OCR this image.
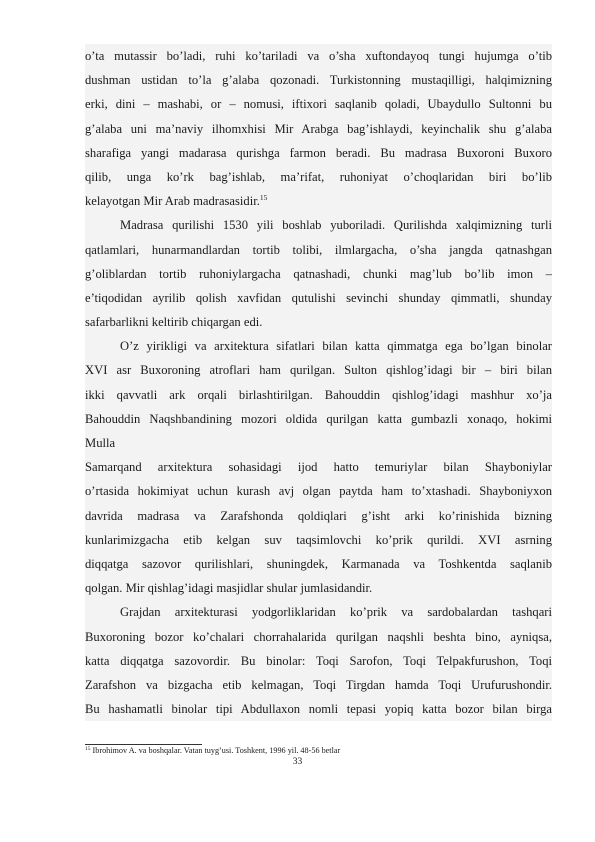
o’ta mutassir bo’ladi, ruhi ko’tariladi va o’sha xuftondayoq tungi hujumga o’tib
dushman ustidan to’la g’alaba qozonadi. Turkistonning mustaqilligi, halqimizning
erki, dini – mashabi, or – nomusi, iftixori saqlanib qoladi, Ubaydullo Sultonni bu
g’alaba uni ma’naviy ilhomxhisi Mir Arabga bag’ishlaydi, keyinchalik shu g’alaba
sharafiga yangi madarasa qurishga farmon beradi. Bu madrasa Buxoroni Buxoro
qilib, unga ko’rk bag’ishlab, ma’rifat, ruhoniyat o’choqlaridan biri bo’lib
kelayotgan Mir Arab madrasasidir.$^{15}$
Madrasa qurilishi 1530 yili boshlab yuboriladi. Qurilishda xalqimizning turli
qatlamlari, hunarmandlardan tortib tolibi, ilmlargacha, o’sha jangda qatnashgan
g’oliblardan tortib ruhoniylargacha qatnashadi, chunki mag’lub bo’lib imon –
e’tiqodidan ayrilib qolish xavfidan qutulishi sevinchi shunday qimmatli, shunday
safarbarlikni keltirib chiqargan edi.
O’z yirikligi va arxitektura sifatlari bilan katta qimmatga ega bo’lgan binolar
XVI asr Buxoroning atroflari ham qurilgan. Sulton qishlog’idagi bir – biri bilan
ikki qavvatli ark orqali birlashtirilgan. Bahouddin qishlog’idagi mashhur xo’ja
Bahouddin Naqshbandining mozori oldida qurilgan katta gumbazli xonaqo, hokimi
Mulla
Samarqand arxitektura sohasidagi ijod hatto temuriylar bilan Shayboniylar
o’rtasida hokimiyat uchun kurash avj olgan paytda ham to’xtashadi. Shayboniyxon
davrida madrasa va Zarafshonda qoldiqlari g’isht arki ko’rinishida bizning
kunlarimizgacha etib kelgan suv taqsimlovchi ko’prik qurildi. XVI asrning
diqqatga sazovor qurilishlari, shuningdek, Karmanada va Toshkentda saqlanib
qolgan. Mir qishlag’idagi masjidlar shular jumlasidandir.
Grajdan arxitekturasi yodgorliklaridan ko’prik va sardobalardan tashqari
Buxoroning bozor ko’chalari chorrahalarida qurilgan naqshli beshta bino, ayniqsa,
katta diqqatga sazovordir. Bu binolar: Toqi Sarofon, Toqi Telpakfurushon, Toqi
Zarafshon va bizgacha etib kelmagan, Toqi Tirgdan hamda Toqi Urufurushondir.
Bu hashamatli binolar tipi Abdullaxon nomli tepasi yopiq katta bozor bilan birga
$^{15}$ Ibrohimov A. va boshqalar. Vatan tuyg’usi. Toshkent, 1996 yil. 48-56 betlar
33
